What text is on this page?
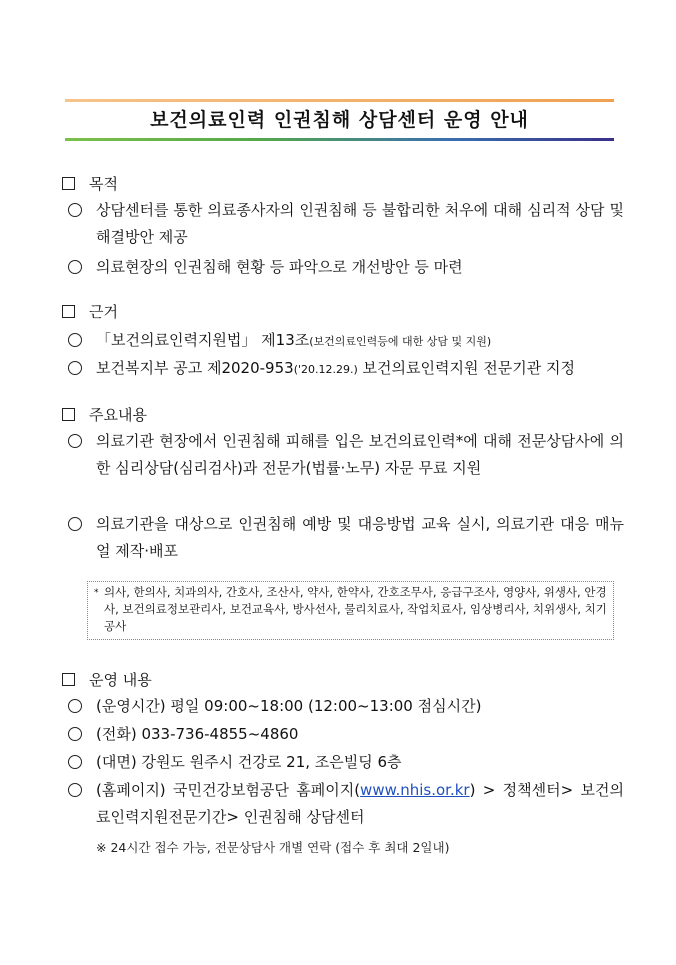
보건의료인력 인권침해 상담센터 운영 안내
목적
상담센터를 통한 의료종사자의 인권침해 등 불합리한 처우에 대해 심리적 상담 및 해결방안 제공
의료현장의 인권침해 현황 등 파악으로 개선방안 등 마련
근거
「보건의료인력지원법」 제13조(보건의료인력등에 대한 상담 및 지원)
보건복지부 공고 제2020-953('20.12.29.) 보건의료인력지원 전문기관 지정
주요내용
의료기관 현장에서 인권침해 피해를 입은 보건의료인력*에 대해 전문상담사에 의한 심리상담(심리검사)과 전문가(법률·노무) 자문 무료 지원
의료기관을 대상으로 인권침해 예방 및 대응방법 교육 실시, 의료기관 대응 매뉴얼 제작·배포
* 의사, 한의사, 치과의사, 간호사, 조산사, 약사, 한약사, 간호조무사, 응급구조사, 영양사, 위생사, 안경사, 보건의료정보관리사, 보건교육사, 방사선사, 물리치료사, 작업치료사, 임상병리사, 치위생사, 치기공사
운영 내용
(운영시간) 평일 09:00~18:00 (12:00~13:00 점심시간)
(전화) 033-736-4855~4860
(대면) 강원도 원주시 건강로 21, 조은빌딩 6층
(홈페이지) 국민건강보험공단 홈페이지(www.nhis.or.kr) > 정책센터> 보건의료인력지원전문기간> 인권침해 상담센터
※ 24시간 접수 가능, 전문상담사 개별 연락 (접수 후 최대 2일내)
